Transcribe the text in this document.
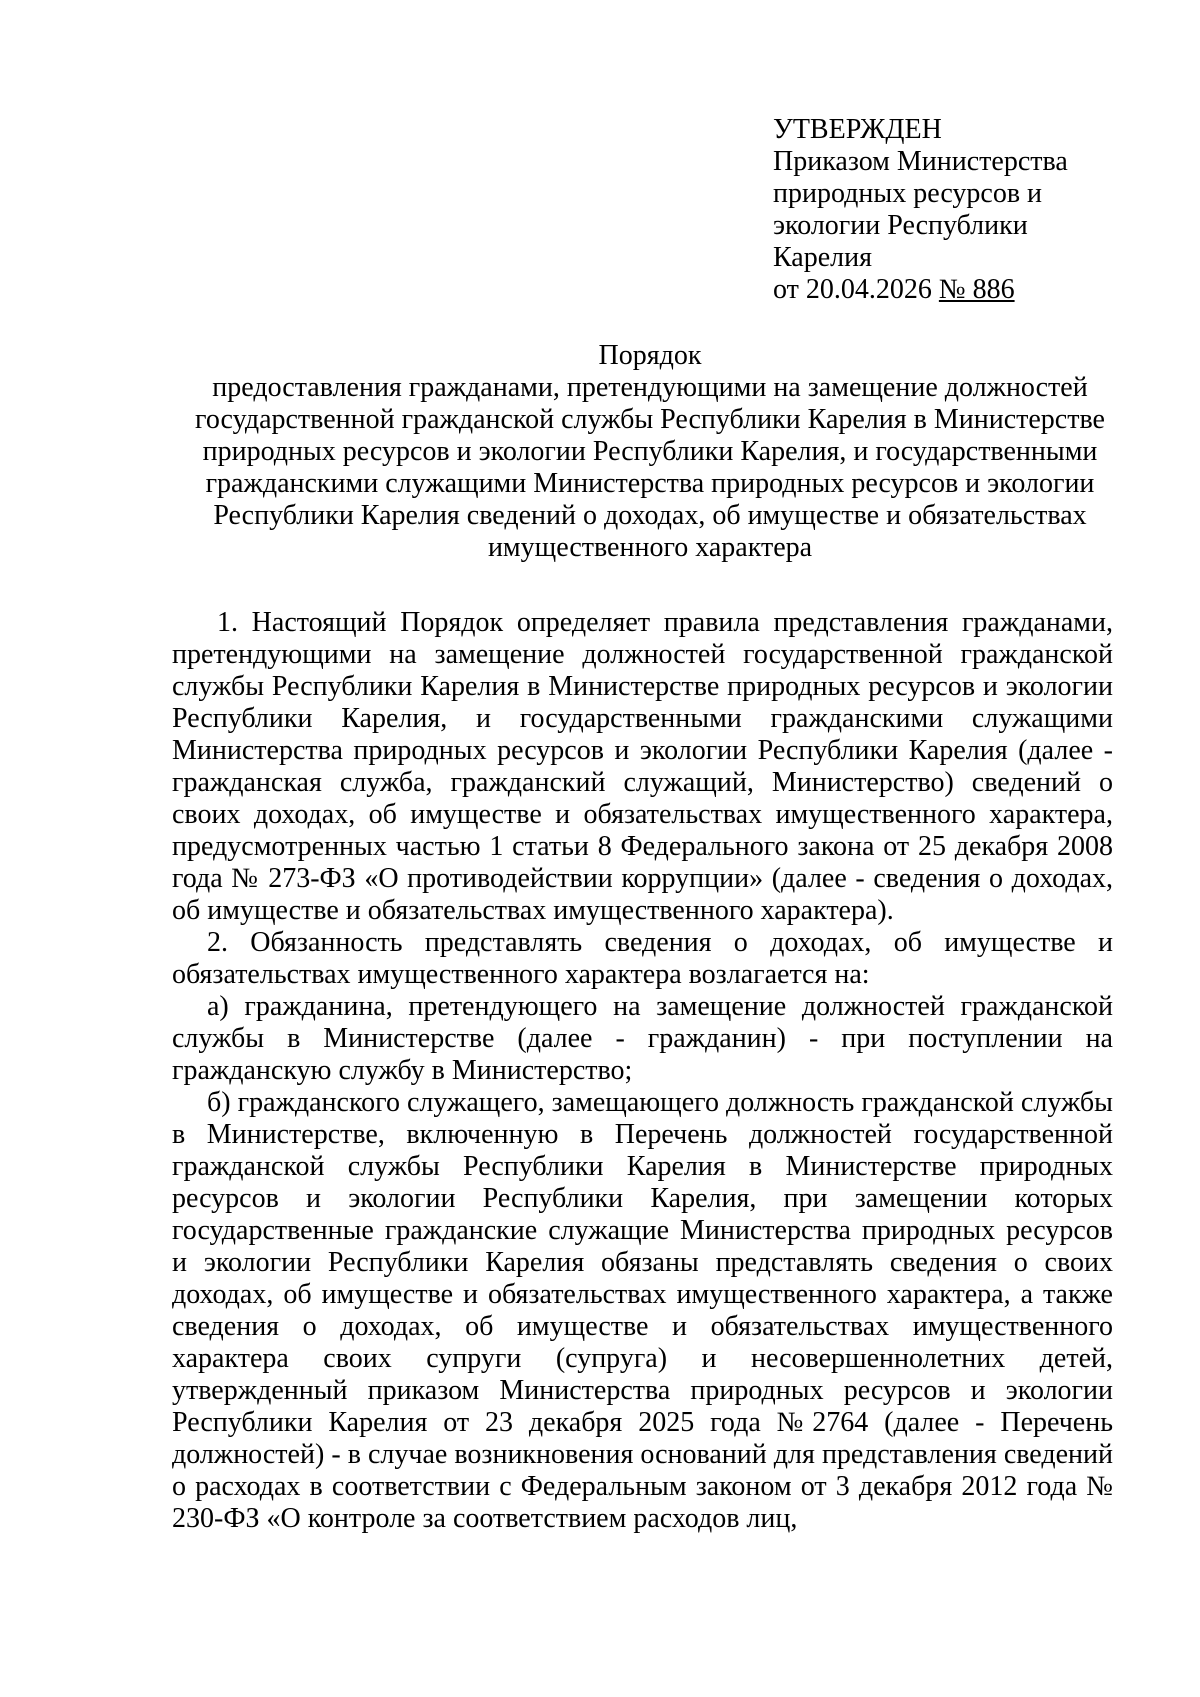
УТВЕРЖДЕН
Приказом Министерства
природных ресурсов и
экологии Республики
Карелия
от 20.04.2026 № 886
Порядок
предоставления гражданами, претендующими на замещение должностей
государственной гражданской службы Республики Карелия в Министерстве
природных ресурсов и экологии Республики Карелия, и государственными
гражданскими служащими Министерства природных ресурсов и экологии
Республики Карелия сведений о доходах, об имуществе и обязательствах
имущественного характера

1. Настоящий Порядок определяет правила представления гражданами, претендующими на замещение должностей государственной гражданской службы Республики Карелия в Министерстве природных ресурсов и экологии Республики Карелия, и государственными гражданскими служащими Министерства природных ресурсов и экологии Республики Карелия (далее - гражданская служба, гражданский служащий, Министерство) сведений о своих доходах, об имуществе и обязательствах имущественного характера, предусмотренных частью 1 статьи 8 Федерального закона от 25 декабря 2008 года № 273-ФЗ «О противодействии коррупции» (далее - сведения о доходах, об имуществе и обязательствах имущественного характера).

2. Обязанность представлять сведения о доходах, об имуществе и обязательствах имущественного характера возлагается на:

а) гражданина, претендующего на замещение должностей гражданской службы в Министерстве (далее - гражданин) - при поступлении на гражданскую службу в Министерство;

б) гражданского служащего, замещающего должность гражданской службы в Министерстве, включенную в Перечень должностей государственной гражданской службы Республики Карелия в Министерстве природных ресурсов и экологии Республики Карелия, при замещении которых государственные гражданские служащие Министерства природных ресурсов и экологии Республики Карелия обязаны представлять сведения о своих доходах, об имуществе и обязательствах имущественного характера, а также сведения о доходах, об имуществе и обязательствах имущественного характера своих супруги (супруга) и несовершеннолетних детей, утвержденный приказом Министерства природных ресурсов и экологии Республики Карелия от 23 декабря 2025 года №2764 (далее - Перечень должностей) - в случае возникновения оснований для представления сведений о расходах в соответствии с Федеральным законом от 3 декабря 2012 года № 230-ФЗ «О контроле за соответствием расходов лиц,
